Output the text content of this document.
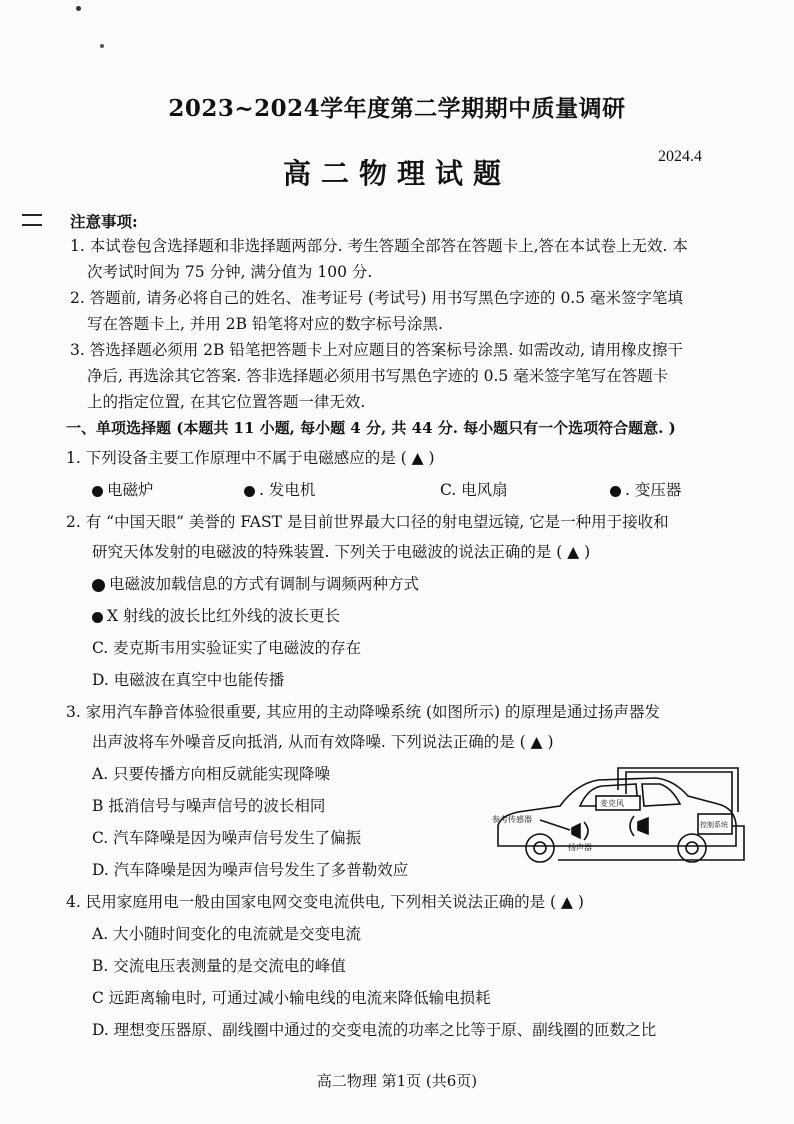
2023~2024学年度第二学期期中质量调研
高二物理试题
2024.4
注意事项:
1. 本试卷包含选择题和非选择题两部分. 考生答题全部答在答题卡上,答在本试卷上无效. 本
次考试时间为 75 分钟, 满分值为 100 分.
2. 答题前, 请务必将自己的姓名、准考证号 (考试号) 用书写黑色字迹的 0.5 毫米签字笔填
写在答题卡上, 并用 2B 铅笔将对应的数字标号涂黑.
3. 答选择题必须用 2B 铅笔把答题卡上对应题目的答案标号涂黑. 如需改动, 请用橡皮擦干
净后, 再选涂其它答案. 答非选择题必须用书写黑色字迹的 0.5 毫米签字笔写在答题卡
上的指定位置, 在其它位置答题一律无效.
一、单项选择题 (本题共 11 小题, 每小题 4 分, 共 44 分. 每小题只有一个选项符合题意. )
1. 下列设备主要工作原理中不属于电磁感应的是 ( ▲ )
电磁炉	. 发电机	C. 电风扇	. 变压器
2. 有 “中国天眼” 美誉的 FAST 是目前世界最大口径的射电望远镜, 它是一种用于接收和
研究天体发射的电磁波的特殊装置. 下列关于电磁波的说法正确的是 ( ▲ )
电磁波加载信息的方式有调制与调频两种方式
X 射线的波长比红外线的波长更长
C. 麦克斯韦用实验证实了电磁波的存在
D. 电磁波在真空中也能传播
3. 家用汽车静音体验很重要, 其应用的主动降噪系统 (如图所示) 的原理是通过扬声器发
出声波将车外噪音反向抵消, 从而有效降噪. 下列说法正确的是 ( ▲ )
A. 只要传播方向相反就能实现降噪
B 抵消信号与噪声信号的波长相同
C. 汽车降噪是因为噪声信号发生了偏振
D. 汽车降噪是因为噪声信号发生了多普勒效应
参考传感器
麦克风
扬声器
控制系统
4. 民用家庭用电一般由国家电网交变电流供电, 下列相关说法正确的是 ( ▲ )
A. 大小随时间变化的电流就是交变电流
B. 交流电压表测量的是交流电的峰值
C 远距离输电时, 可通过减小输电线的电流来降低输电损耗
D. 理想变压器原、副线圈中通过的交变电流的功率之比等于原、副线圈的匝数之比
高二物理 第1页 (共6页)
